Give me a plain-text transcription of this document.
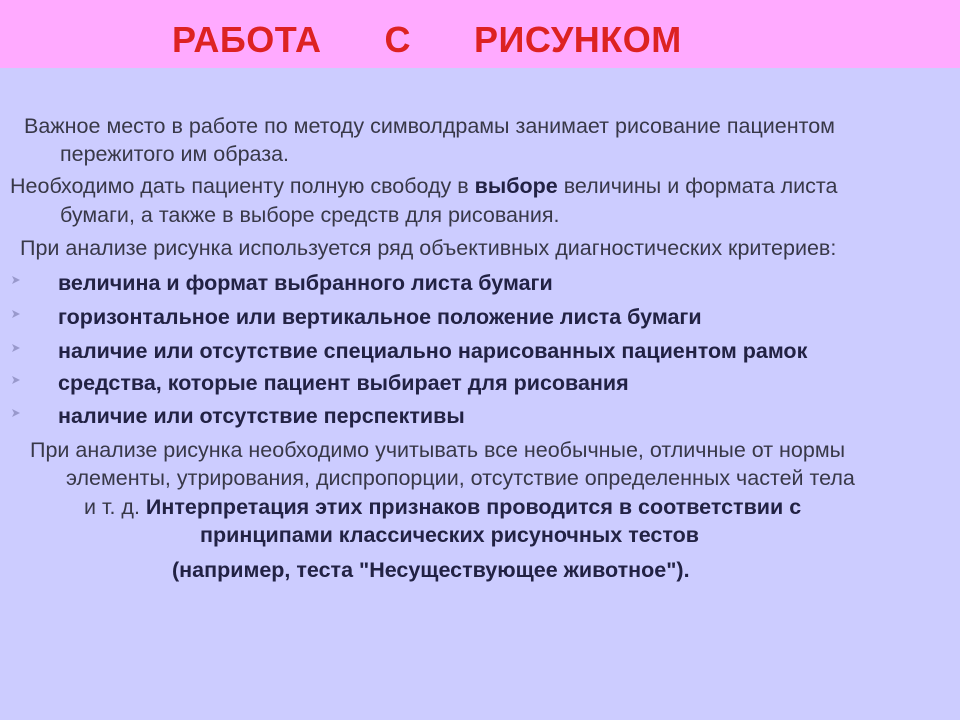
РАБОТА      С      РИСУНКОМ

Важное место в работе по методу символдрамы занимает рисование пациентом

пережитого им образа.

Необходимо дать пациенту полную свободу в выборе величины и формата листа

бумаги, а также в выборе средств для рисования.

При анализе рисунка используется ряд объективных диагностических критериев:

величина и формат выбранного листа бумаги
горизонтальное или вертикальное положение листа бумаги
наличие или отсутствие специально нарисованных пациентом рамок
средства, которые пациент выбирает для рисования
наличие или отсутствие перспективы

При анализе рисунка необходимо учитывать все необычные, отличные от нормы

элементы, утрирования, диспропорции, отсутствие определенных частей тела

и т. д. Интерпретация этих признаков проводится в соответствии с

принципами классических рисуночных тестов

(например, теста "Несуществующее животное").
